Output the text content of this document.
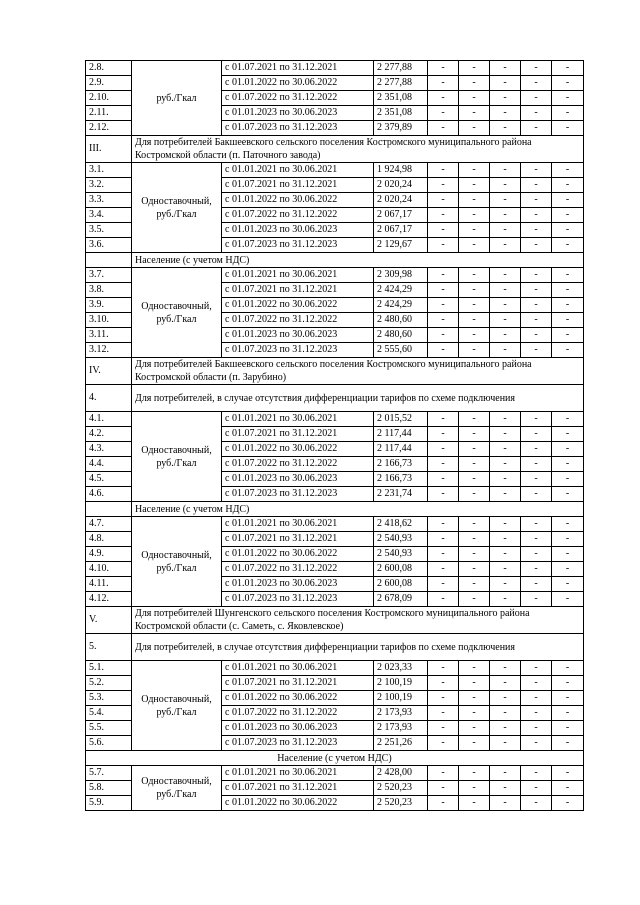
2.8.	руб./Гкал	с 01.07.2021 по 31.12.2021	2 277,88	-	-	-	-	-
2.9.		с 01.01.2022 по 30.06.2022	2 277,88	-	-	-	-	-
2.10.		с 01.07.2022 по 31.12.2022	2 351,08	-	-	-	-	-
2.11.		с 01.01.2023 по 30.06.2023	2 351,08	-	-	-	-	-
2.12.		с 01.07.2023 по 31.12.2023	2 379,89	-	-	-	-	-
III.	Для потребителей Бакшеевского сельского поселения Костромского муниципального района Костромской области (п. Паточного завода)							
3.1.	Одноставочный, руб./Гкал	с 01.01.2021 по 30.06.2021	1 924,98	-	-	-	-	-
3.2.		с 01.07.2021 по 31.12.2021	2 020,24	-	-	-	-	-
3.3.		с 01.01.2022 по 30.06.2022	2 020,24	-	-	-	-	-
3.4.		с 01.07.2022 по 31.12.2022	2 067,17	-	-	-	-	-
3.5.		с 01.01.2023 по 30.06.2023	2 067,17	-	-	-	-	-
3.6.		с 01.07.2023 по 31.12.2023	2 129,67	-	-	-	-	-
	Население (с учетом НДС)							
3.7.	Одноставочный, руб./Гкал	с 01.01.2021 по 30.06.2021	2 309,98	-	-	-	-	-
3.8.		с 01.07.2021 по 31.12.2021	2 424,29	-	-	-	-	-
3.9.		с 01.01.2022 по 30.06.2022	2 424,29	-	-	-	-	-
3.10.		с 01.07.2022 по 31.12.2022	2 480,60	-	-	-	-	-
3.11.		с 01.01.2023 по 30.06.2023	2 480,60	-	-	-	-	-
3.12.		с 01.07.2023 по 31.12.2023	2 555,60	-	-	-	-	-
IV.	Для потребителей Бакшеевского сельского поселения Костромского муниципального района Костромской области (п. Зарубино)							
4.	Для потребителей, в случае отсутствия дифференциации тарифов по схеме подключения							
4.1.	Одноставочный, руб./Гкал	с 01.01.2021 по 30.06.2021	2 015,52	-	-	-	-	-
4.2.		с 01.07.2021 по 31.12.2021	2 117,44	-	-	-	-	-
4.3.		с 01.01.2022 по 30.06.2022	2 117,44	-	-	-	-	-
4.4.		с 01.07.2022 по 31.12.2022	2 166,73	-	-	-	-	-
4.5.		с 01.01.2023 по 30.06.2023	2 166,73	-	-	-	-	-
4.6.		с 01.07.2023 по 31.12.2023	2 231,74	-	-	-	-	-
	Население (с учетом НДС)							
4.7.	Одноставочный, руб./Гкал	с 01.01.2021 по 30.06.2021	2 418,62	-	-	-	-	-
4.8.		с 01.07.2021 по 31.12.2021	2 540,93	-	-	-	-	-
4.9.		с 01.01.2022 по 30.06.2022	2 540,93	-	-	-	-	-
4.10.		с 01.07.2022 по 31.12.2022	2 600,08	-	-	-	-	-
4.11.		с 01.01.2023 по 30.06.2023	2 600,08	-	-	-	-	-
4.12.		с 01.07.2023 по 31.12.2023	2 678,09	-	-	-	-	-
V.	Для потребителей Шунгенского сельского поселения Костромского муниципального района Костромской области (с. Саметь, с. Яковлевское)							
5.	Для потребителей, в случае отсутствия дифференциации тарифов по схеме подключения							
5.1.	Одноставочный, руб./Гкал	с 01.01.2021 по 30.06.2021	2 023,33	-	-	-	-	-
5.2.		с 01.07.2021 по 31.12.2021	2 100,19	-	-	-	-	-
5.3.		с 01.01.2022 по 30.06.2022	2 100,19	-	-	-	-	-
5.4.		с 01.07.2022 по 31.12.2022	2 173,93	-	-	-	-	-
5.5.		с 01.01.2023 по 30.06.2023	2 173,93	-	-	-	-	-
5.6.		с 01.07.2023 по 31.12.2023	2 251,26	-	-	-	-	-
Население (с учетом НДС)								
5.7.	Одноставочный, руб./Гкал	с 01.01.2021 по 30.06.2021	2 428,00	-	-	-	-	-
5.8.		с 01.07.2021 по 31.12.2021	2 520,23	-	-	-	-	-
5.9.		с 01.01.2022 по 30.06.2022	2 520,23	-	-	-	-	-
